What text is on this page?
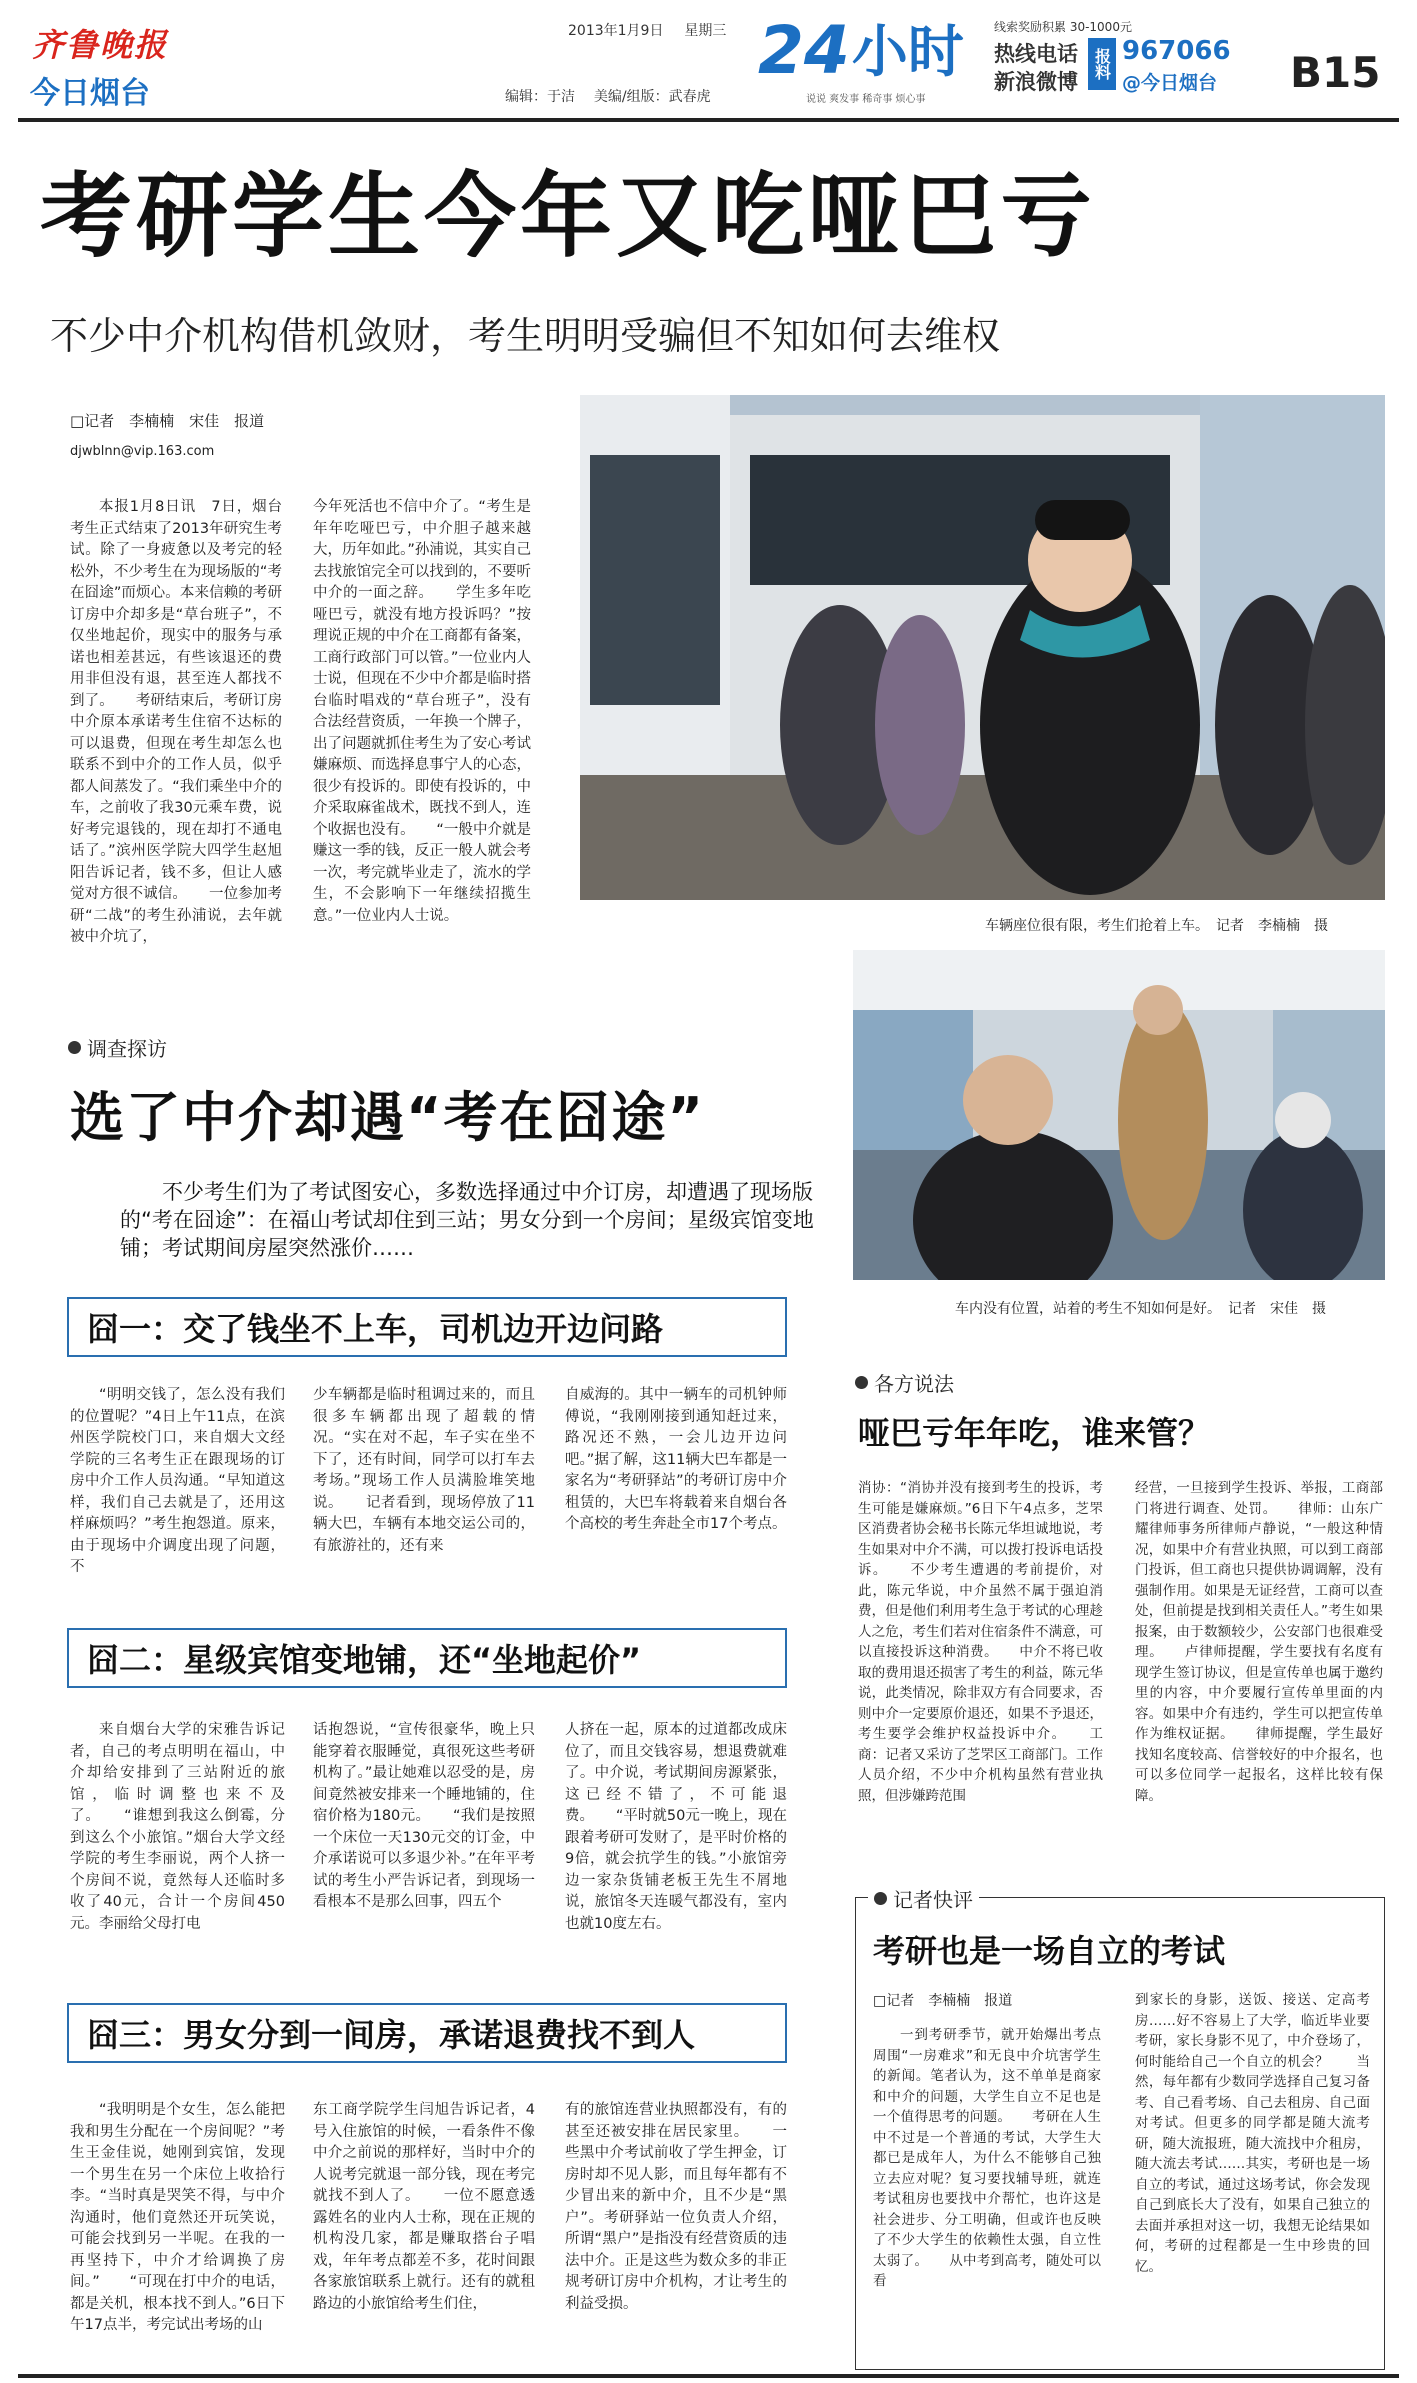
齐鲁晚报
今日烟台
2013年1月9日 星期三
编辑：于洁 美编/组版：武春虎
24 小时
说说 爽发事 稀奇事 烦心事
线索奖励积累 30-1000元
热线电话
新浪微博
报料 967066
@今日烟台 B15
考研学生今年又吃哑巴亏
不少中介机构借机敛财，考生明明受骗但不知如何去维权
□记者　李楠楠　宋佳　报道
djwblnn@vip.163.com

本报1月8日讯　7日，烟台考生正式结束了2013年研究生考试。除了一身疲惫以及考完的轻松外，不少考生在为现场版的“考在囧途”而烦心。本来信赖的考研订房中介却多是“草台班子”，不仅坐地起价，现实中的服务与承诺也相差甚远，有些该退还的费用非但没有退，甚至连人都找不到了。　　考研结束后，考研订房中介原本承诺考生住宿不达标的可以退费，但现在考生却怎么也联系不到中介的工作人员，似乎都人间蒸发了。“我们乘坐中介的车，之前收了我30元乘车费，说好考完退钱的，现在却打不通电话了。”滨州医学院大四学生赵旭阳告诉记者，钱不多，但让人感觉对方很不诚信。　　一位参加考研“二战”的考生孙浦说，去年就被中介坑了，

今年死活也不信中介了。“考生是年年吃哑巴亏，中介胆子越来越大，历年如此。”孙浦说，其实自己去找旅馆完全可以找到的，不要听中介的一面之辞。　　学生多年吃哑巴亏，就没有地方投诉吗？”按理说正规的中介在工商都有备案，工商行政部门可以管。”一位业内人士说，但现在不少中介都是临时搭台临时唱戏的“草台班子”，没有合法经营资质，一年换一个牌子，出了问题就抓住考生为了安心考试嫌麻烦、而选择息事宁人的心态，很少有投诉的。即使有投诉的，中介采取麻雀战术，既找不到人，连个收据也没有。　　“一般中介就是赚这一季的钱，反正一般人就会考一次，考完就毕业走了，流水的学生，不会影响下一年继续招揽生意。”一位业内人士说。

车辆座位很有限，考生们抢着上车。　记者　李楠楠　摄
车内没有位置，站着的考生不知如何是好。　记者　宋佳　摄
调查探访
选了中介却遇“考在囧途”
不少考生们为了考试图安心，多数选择通过中介订房，却遭遇了现场版的“考在囧途”：在福山考试却住到三站；男女分到一个房间；星级宾馆变地铺；考试期间房屋突然涨价……
囧一：交了钱坐不上车，司机边开边问路

“明明交钱了，怎么没有我们的位置呢？”4日上午11点，在滨州医学院校门口，来自烟大文经学院的三名考生正在跟现场的订房中介工作人员沟通。“早知道这样，我们自己去就是了，还用这样麻烦吗？”考生抱怨道。原来，由于现场中介调度出现了问题，不

少车辆都是临时租调过来的，而且很多车辆都出现了超载的情况。“实在对不起，车子实在坐不下了，还有时间，同学可以打车去考场。”现场工作人员满脸堆笑地说。　　记者看到，现场停放了11辆大巴，车辆有本地交运公司的，有旅游社的，还有来

自威海的。其中一辆车的司机钟师傅说，“我刚刚接到通知赶过来，路况还不熟，一会儿边开边问吧。”据了解，这11辆大巴车都是一家名为“考研驿站”的考研订房中介租赁的，大巴车将载着来自烟台各个高校的考生奔赴全市17个考点。

囧二：星级宾馆变地铺，还“坐地起价”

来自烟台大学的宋雅告诉记者，自己的考点明明在福山，中介却给安排到了三站附近的旅馆，临时调整也来不及了。　　“谁想到我这么倒霉，分到这么个小旅馆。”烟台大学文经学院的考生李丽说，两个人挤一个房间不说，竟然每人还临时多收了40元，合计一个房间450元。李丽给父母打电

话抱怨说，“宣传很豪华，晚上只能穿着衣服睡觉，真很死这些考研机构了。”最让她难以忍受的是，房间竟然被安排来一个睡地铺的，住宿价格为180元。　　“我们是按照一个床位一天130元交的订金，中介承诺说可以多退少补。”在年平考试的考生小严告诉记者，到现场一看根本不是那么回事，四五个

人挤在一起，原本的过道都改成床位了，而且交钱容易，想退费就难了。中介说，考试期间房源紧张，这已经不错了，不可能退费。　　“平时就50元一晚上，现在跟着考研可发财了，是平时价格的9倍，就会抗学生的钱。”小旅馆旁边一家杂货铺老板王先生不屑地说，旅馆冬天连暖气都没有，室内也就10度左右。

囧三：男女分到一间房，承诺退费找不到人

“我明明是个女生，怎么能把我和男生分配在一个房间呢？”考生王金佳说，她刚到宾馆，发现一个男生在另一个床位上收拾行李。“当时真是哭笑不得，与中介沟通时，他们竟然还开玩笑说，可能会找到另一半呢。在我的一再坚持下，中介才给调换了房间。”　　“可现在打中介的电话，都是关机，根本找不到人。”6日下午17点半，考完试出考场的山

东工商学院学生闫旭告诉记者，4号入住旅馆的时候，一看条件不像中介之前说的那样好，当时中介的人说考完就退一部分钱，现在考完就找不到人了。　　一位不愿意透露姓名的业内人士称，现在正规的机构没几家，都是赚取搭台子唱戏，年年考点都差不多，花时间跟各家旅馆联系上就行。还有的就租路边的小旅馆给考生们住，

有的旅馆连营业执照都没有，有的甚至还被安排在居民家里。　　一些黑中介考试前收了学生押金，订房时却不见人影，而且每年都有不少冒出来的新中介，且不少是“黑户”。考研驿站一位负责人介绍，所谓“黑户”是指没有经营资质的违法中介。正是这些为数众多的非正规考研订房中介机构，才让考生的利益受损。

各方说法
哑巴亏年年吃，谁来管？

消协：“消协并没有接到考生的投诉，考生可能是嫌麻烦。”6日下午4点多，芝罘区消费者协会秘书长陈元华坦诚地说，考生如果对中介不满，可以拨打投诉电话投诉。　　不少考生遭遇的考前提价，对此，陈元华说，中介虽然不属于强迫消费，但是他们利用考生急于考试的心理趁人之危，考生们若对住宿条件不满意，可以直接投诉这种消费。　　中介不将已收取的费用退还损害了考生的利益，陈元华说，此类情况，除非双方有合同要求，否则中介一定要原价退还，如果不予退还，考生要学会维护权益投诉中介。　　工商：记者又采访了芝罘区工商部门。工作人员介绍，不少中介机构虽然有营业执照，但涉嫌跨范围

经营，一旦接到学生投诉、举报，工商部门将进行调查、处罚。　　律师：山东广耀律师事务所律师卢静说，“一般这种情况，如果中介有营业执照，可以到工商部门投诉，但工商也只提供协调调解，没有强制作用。如果是无证经营，工商可以查处，但前提是找到相关责任人。”考生如果报案，由于数额较少，公安部门也很难受理。　　卢律师提醒，学生要找有名度有现学生签订协议，但是宣传单也属于邀约里的内容，中介要履行宣传单里面的内容。如果中介有违约，学生可以把宣传单作为维权证据。　　律师提醒，学生最好找知名度较高、信誉较好的中介报名，也可以多位同学一起报名，这样比较有保障。

记者快评
考研也是一场自立的考试
□记者　李楠楠　报道

一到考研季节，就开始爆出考点周围“一房难求”和无良中介坑害学生的新闻。笔者认为，这不单单是商家和中介的问题，大学生自立不足也是一个值得思考的问题。　　考研在人生中不过是一个普通的考试，大学生大都已是成年人，为什么不能够自己独立去应对呢？复习要找辅导班，就连考试租房也要找中介帮忙，也许这是社会进步、分工明确，但或许也反映了不少大学生的依赖性太强，自立性太弱了。　　从中考到高考，随处可以看

到家长的身影，送饭、接送、定高考房……好不容易上了大学，临近毕业要考研，家长身影不见了，中介登场了，何时能给自己一个自立的机会？　　当然，每年都有少数同学选择自己复习备考、自己看考场、自己去租房、自己面对考试。但更多的同学都是随大流考研，随大流报班，随大流找中介租房，随大流去考试……其实，考研也是一场自立的考试，通过这场考试，你会发现自己到底长大了没有，如果自己独立的去面并承担对这一切，我想无论结果如何，考研的过程都是一生中珍贵的回忆。
